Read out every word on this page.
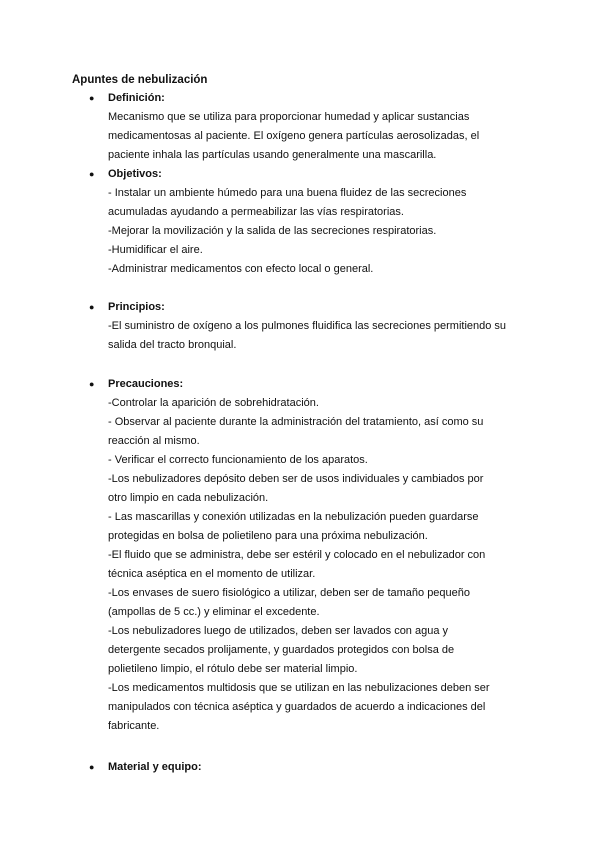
Apuntes de nebulización
● Definición:
Mecanismo que se utiliza para proporcionar humedad y aplicar sustancias
medicamentosas al paciente. El oxígeno genera partículas aerosolizadas, el
paciente inhala las partículas usando generalmente una mascarilla.
● Objetivos:
- Instalar un ambiente húmedo para una buena fluidez de las secreciones
acumuladas ayudando a permeabilizar las vías respiratorias.
-Mejorar la movilización y la salida de las secreciones respiratorias.
-Humidificar el aire.
-Administrar medicamentos con efecto local o general.
● Principios:
-El suministro de oxígeno a los pulmones fluidifica las secreciones permitiendo su
salida del tracto bronquial.
● Precauciones:
-Controlar la aparición de sobrehidratación.
- Observar al paciente durante la administración del tratamiento, así como su
reacción al mismo.
- Verificar el correcto funcionamiento de los aparatos.
-Los nebulizadores depósito deben ser de usos individuales y cambiados por
otro limpio en cada nebulización.
- Las mascarillas y conexión utilizadas en la nebulización pueden guardarse
protegidas en bolsa de polietileno para una próxima nebulización.
-El fluido que se administra, debe ser estéril y colocado en el nebulizador con
técnica aséptica en el momento de utilizar.
-Los envases de suero fisiológico a utilizar, deben ser de tamaño pequeño
(ampollas de 5 cc.) y eliminar el excedente.
-Los nebulizadores luego de utilizados, deben ser lavados con agua y
detergente secados prolijamente, y guardados protegidos con bolsa de
polietileno limpio, el rótulo debe ser material limpio.
-Los medicamentos multidosis que se utilizan en las nebulizaciones deben ser
manipulados con técnica aséptica y guardados de acuerdo a indicaciones del
fabricante.
● Material y equipo:
